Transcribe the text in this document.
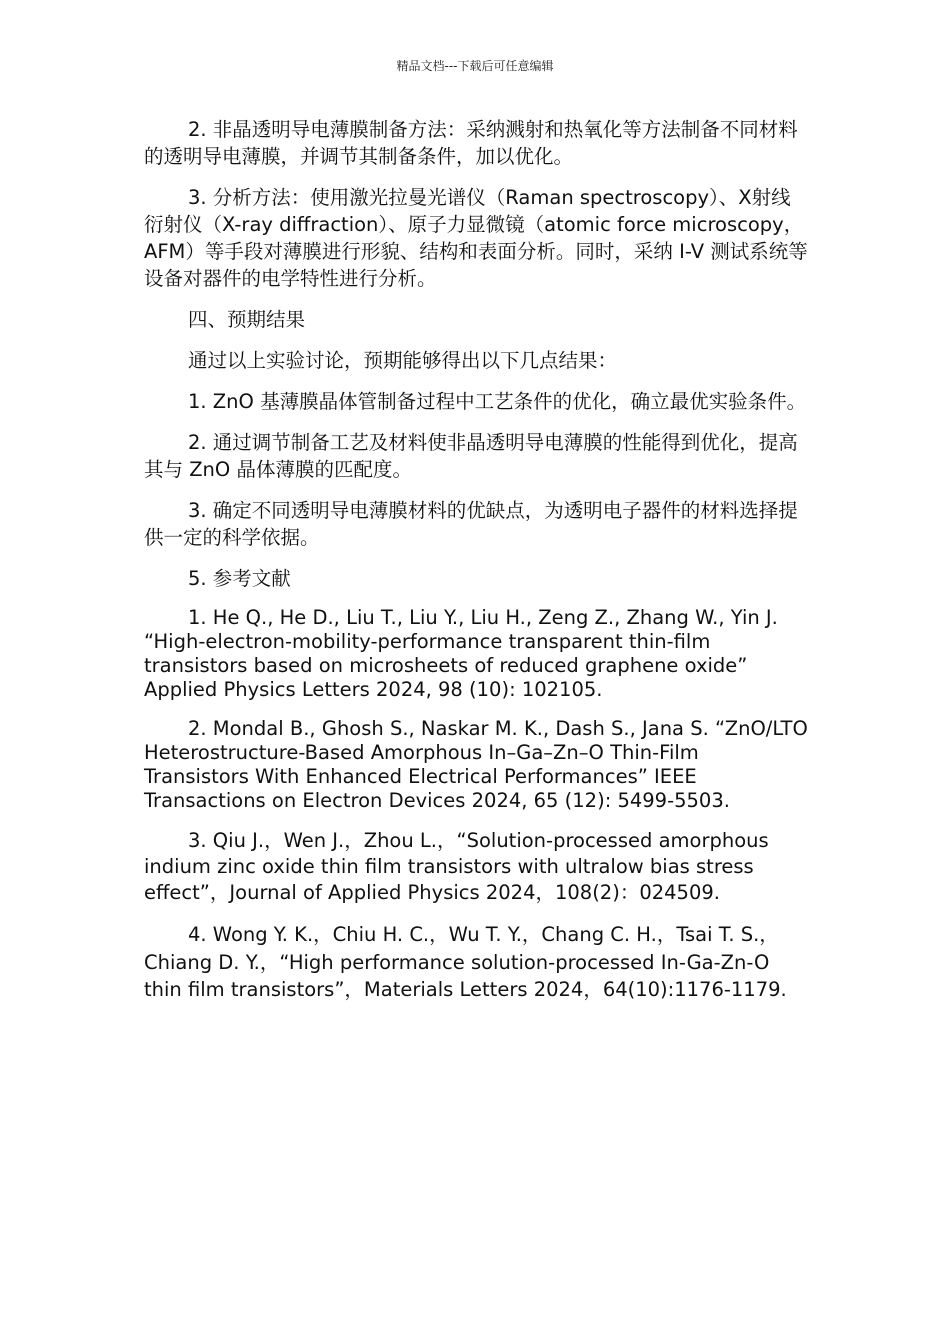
精品文档---下载后可任意编辑

2. 非晶透明导电薄膜制备方法：采纳溅射和热氧化等方法制备不同材料的透明导电薄膜，并调节其制备条件，加以优化。

3. 分析方法：使用激光拉曼光谱仪（Raman spectroscopy）、X射线衍射仪（X-ray diffraction）、原子力显微镜（atomic force microscopy，AFM）等手段对薄膜进行形貌、结构和表面分析。同时，采纳 I-V 测试系统等设备对器件的电学特性进行分析。

四、预期结果

通过以上实验讨论，预期能够得出以下几点结果：

1. ZnO 基薄膜晶体管制备过程中工艺条件的优化，确立最优实验条件。

2. 通过调节制备工艺及材料使非晶透明导电薄膜的性能得到优化，提高其与 ZnO 晶体薄膜的匹配度。

3. 确定不同透明导电薄膜材料的优缺点，为透明电子器件的材料选择提供一定的科学依据。

5. 参考文献

1. He Q., He D., Liu T., Liu Y., Liu H., Zeng Z., Zhang W., Yin J. “High-electron-mobility-performance transparent thin-film transistors based on microsheets of reduced graphene oxide” Applied Physics Letters 2024, 98 (10): 102105.

2. Mondal B., Ghosh S., Naskar M. K., Dash S., Jana S. “ZnO/LTO Heterostructure-Based Amorphous In–Ga–Zn–O Thin-Film Transistors With Enhanced Electrical Performances” IEEE Transactions on Electron Devices 2024, 65 (12): 5499-5503.

3. Qiu J.，Wen J.，Zhou L.，“Solution-processed amorphous indium zinc oxide thin film transistors with ultralow bias stress effect”，Journal of Applied Physics 2024，108(2)：024509.

4. Wong Y. K.，Chiu H. C.，Wu T. Y.，Chang C. H.，Tsai T. S.，Chiang D. Y.，“High performance solution-processed In-Ga-Zn-O thin film transistors”，Materials Letters 2024，64(10):1176-1179.
